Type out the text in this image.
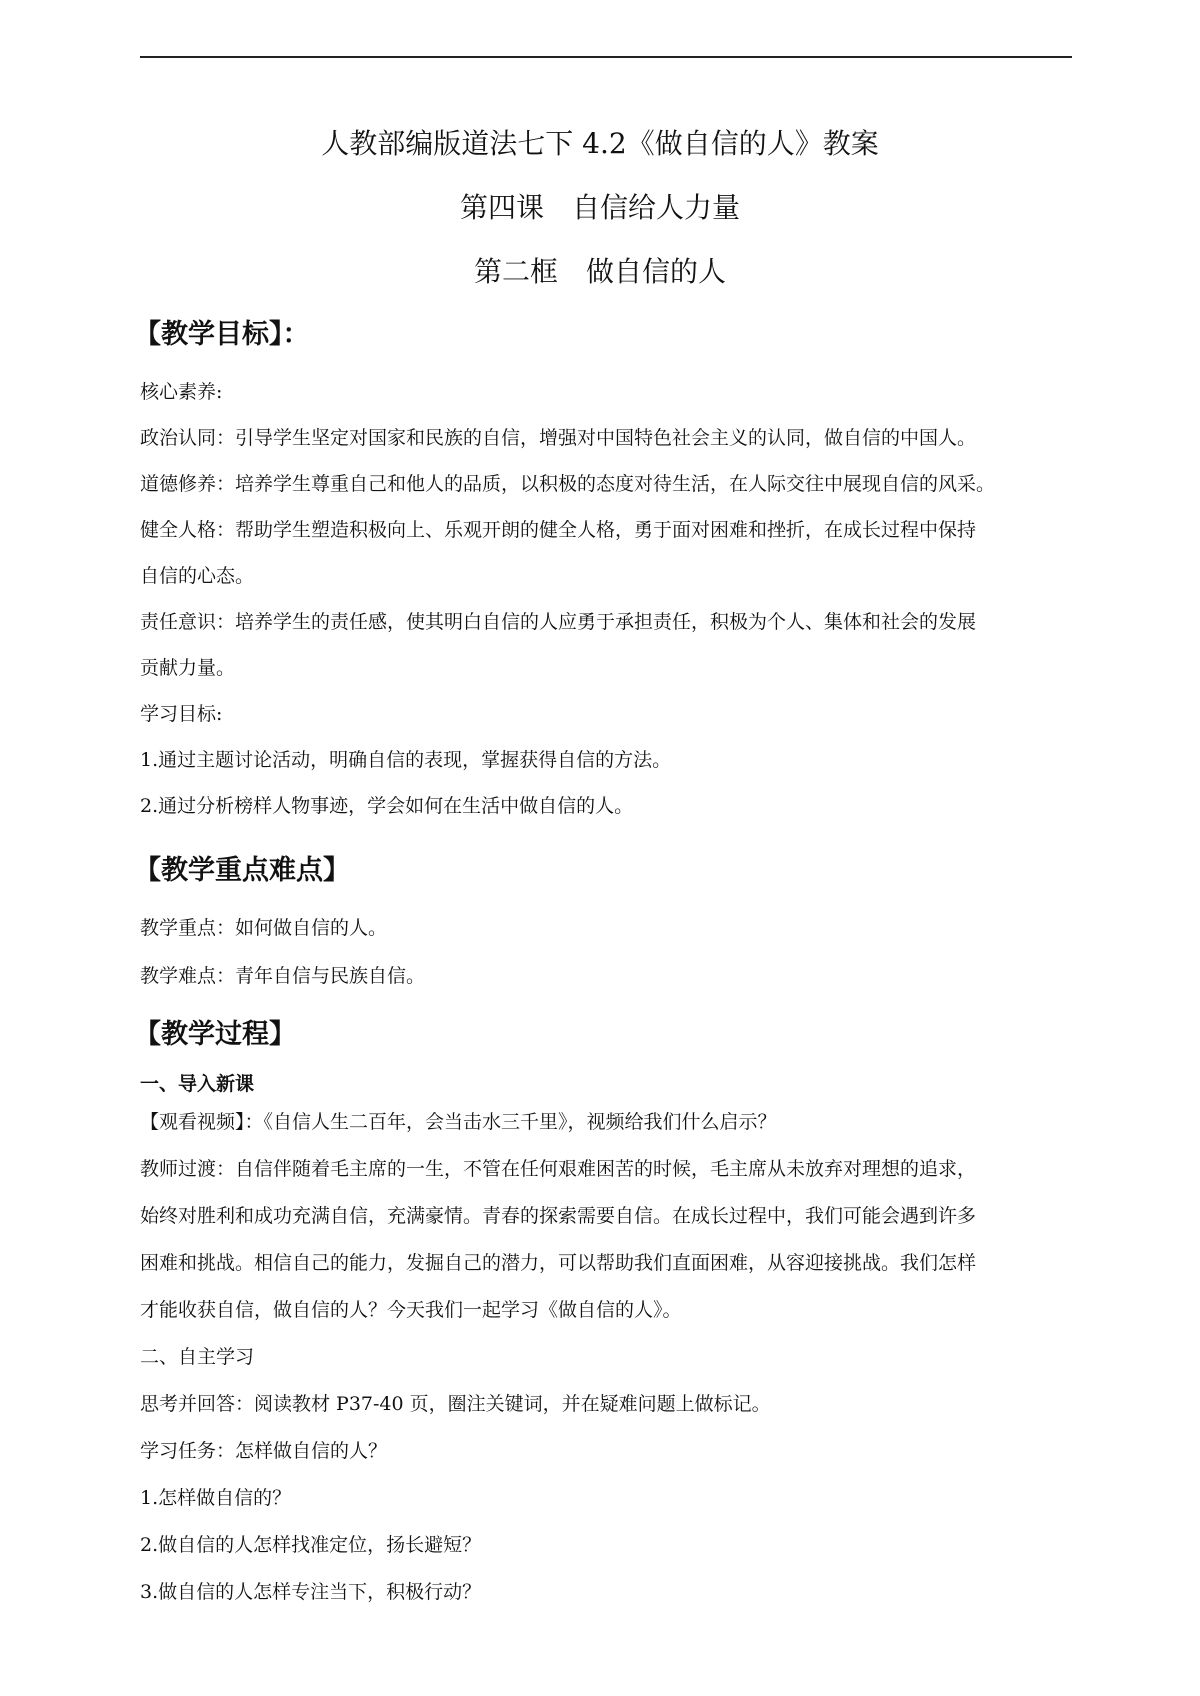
人教部编版道法七下 4.2《做自信的人》教案
第四课　自信给人力量
第二框　做自信的人
【教学目标】：
核心素养:
政治认同：引导学生坚定对国家和民族的自信，增强对中国特色社会主义的认同，做自信的中国人。
道德修养：培养学生尊重自己和他人的品质，以积极的态度对待生活，在人际交往中展现自信的风采。
健全人格：帮助学生塑造积极向上、乐观开朗的健全人格，勇于面对困难和挫折，在成长过程中保持
自信的心态。
责任意识：培养学生的责任感，使其明白自信的人应勇于承担责任，积极为个人、集体和社会的发展
贡献力量。
学习目标:
1.通过主题讨论活动，明确自信的表现，掌握获得自信的方法。
2.通过分析榜样人物事迹，学会如何在生活中做自信的人。
【教学重点难点】
教学重点：如何做自信的人。
教学难点：青年自信与民族自信。
【教学过程】
一、导入新课
【观看视频】：《自信人生二百年，会当击水三千里》，视频给我们什么启示？
教师过渡：自信伴随着毛主席的一生，不管在任何艰难困苦的时候，毛主席从未放弃对理想的追求，
始终对胜利和成功充满自信，充满豪情。青春的探索需要自信。在成长过程中，我们可能会遇到许多
困难和挑战。相信自己的能力，发掘自己的潜力，可以帮助我们直面困难，从容迎接挑战。我们怎样
才能收获自信，做自信的人？今天我们一起学习《做自信的人》。
二、自主学习
思考并回答：阅读教材 P37-40 页，圈注关键词，并在疑难问题上做标记。
学习任务：怎样做自信的人？
1.怎样做自信的？
2.做自信的人怎样找准定位，扬长避短？
3.做自信的人怎样专注当下，积极行动？
